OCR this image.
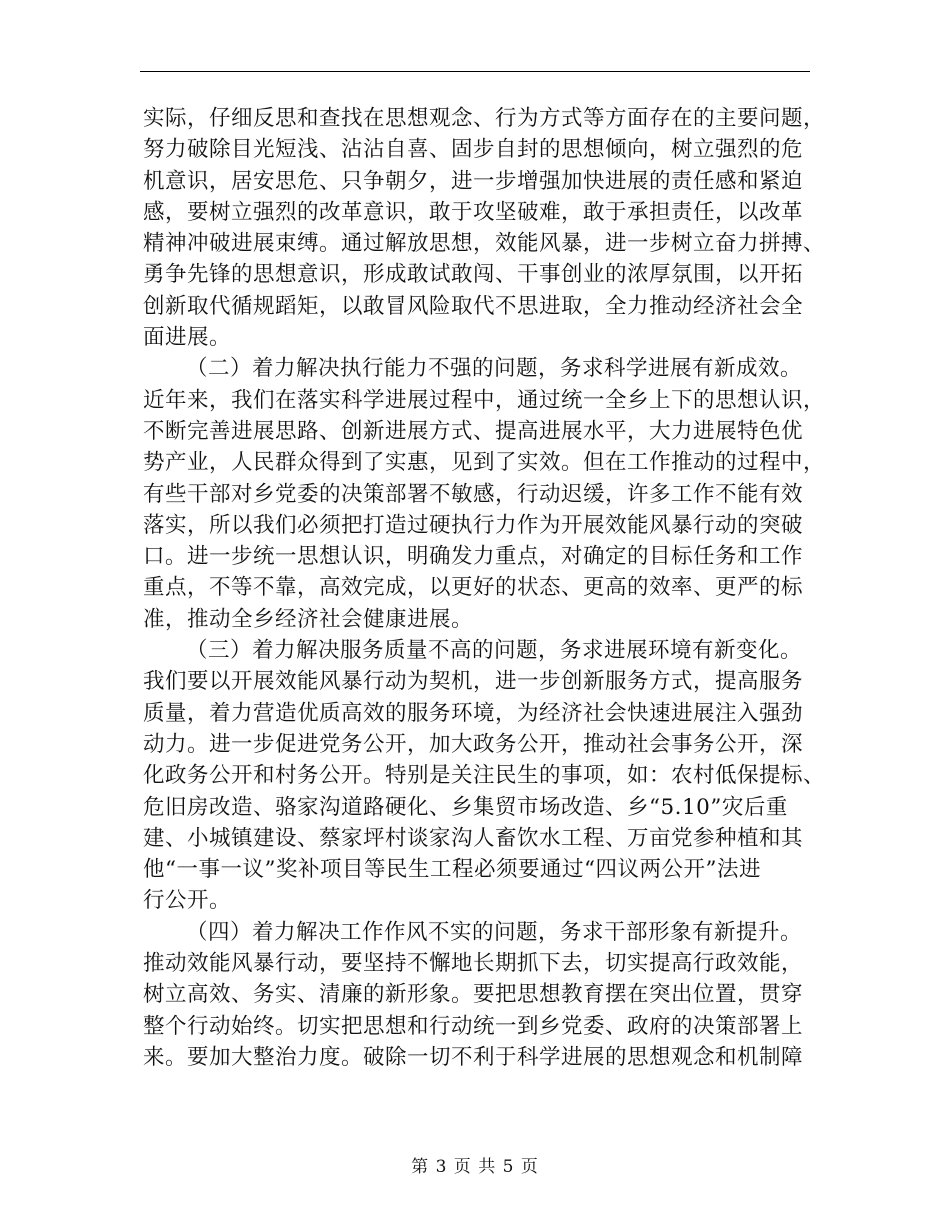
实际，仔细反思和查找在思想观念、行为方式等方面存在的主要问题，
努力破除目光短浅、沾沾自喜、固步自封的思想倾向，树立强烈的危
机意识，居安思危、只争朝夕，进一步增强加快进展的责任感和紧迫
感，要树立强烈的改革意识，敢于攻坚破难，敢于承担责任，以改革
精神冲破进展束缚。通过解放思想，效能风暴，进一步树立奋力拼搏、
勇争先锋的思想意识，形成敢试敢闯、干事创业的浓厚氛围，以开拓
创新取代循规蹈矩，以敢冒风险取代不思进取，全力推动经济社会全
面进展。
（二）着力解决执行能力不强的问题，务求科学进展有新成效。
近年来，我们在落实科学进展过程中，通过统一全乡上下的思想认识，
不断完善进展思路、创新进展方式、提高进展水平，大力进展特色优
势产业，人民群众得到了实惠，见到了实效。但在工作推动的过程中，
有些干部对乡党委的决策部署不敏感，行动迟缓，许多工作不能有效
落实，所以我们必须把打造过硬执行力作为开展效能风暴行动的突破
口。进一步统一思想认识，明确发力重点，对确定的目标任务和工作
重点，不等不靠，高效完成，以更好的状态、更高的效率、更严的标
准，推动全乡经济社会健康进展。
（三）着力解决服务质量不高的问题，务求进展环境有新变化。
我们要以开展效能风暴行动为契机，进一步创新服务方式，提高服务
质量，着力营造优质高效的服务环境，为经济社会快速进展注入强劲
动力。进一步促进党务公开，加大政务公开，推动社会事务公开，深
化政务公开和村务公开。特别是关注民生的事项，如：农村低保提标、
危旧房改造、骆家沟道路硬化、乡集贸市场改造、乡“5.10”灾后重
建、小城镇建设、蔡家坪村谈家沟人畜饮水工程、万亩党参种植和其
他“一事一议”奖补项目等民生工程必须要通过“四议两公开”法进
行公开。
（四）着力解决工作作风不实的问题，务求干部形象有新提升。
推动效能风暴行动，要坚持不懈地长期抓下去，切实提高行政效能，
树立高效、务实、清廉的新形象。要把思想教育摆在突出位置，贯穿
整个行动始终。切实把思想和行动统一到乡党委、政府的决策部署上
来。要加大整治力度。破除一切不利于科学进展的思想观念和机制障
第 3 页 共 5 页
